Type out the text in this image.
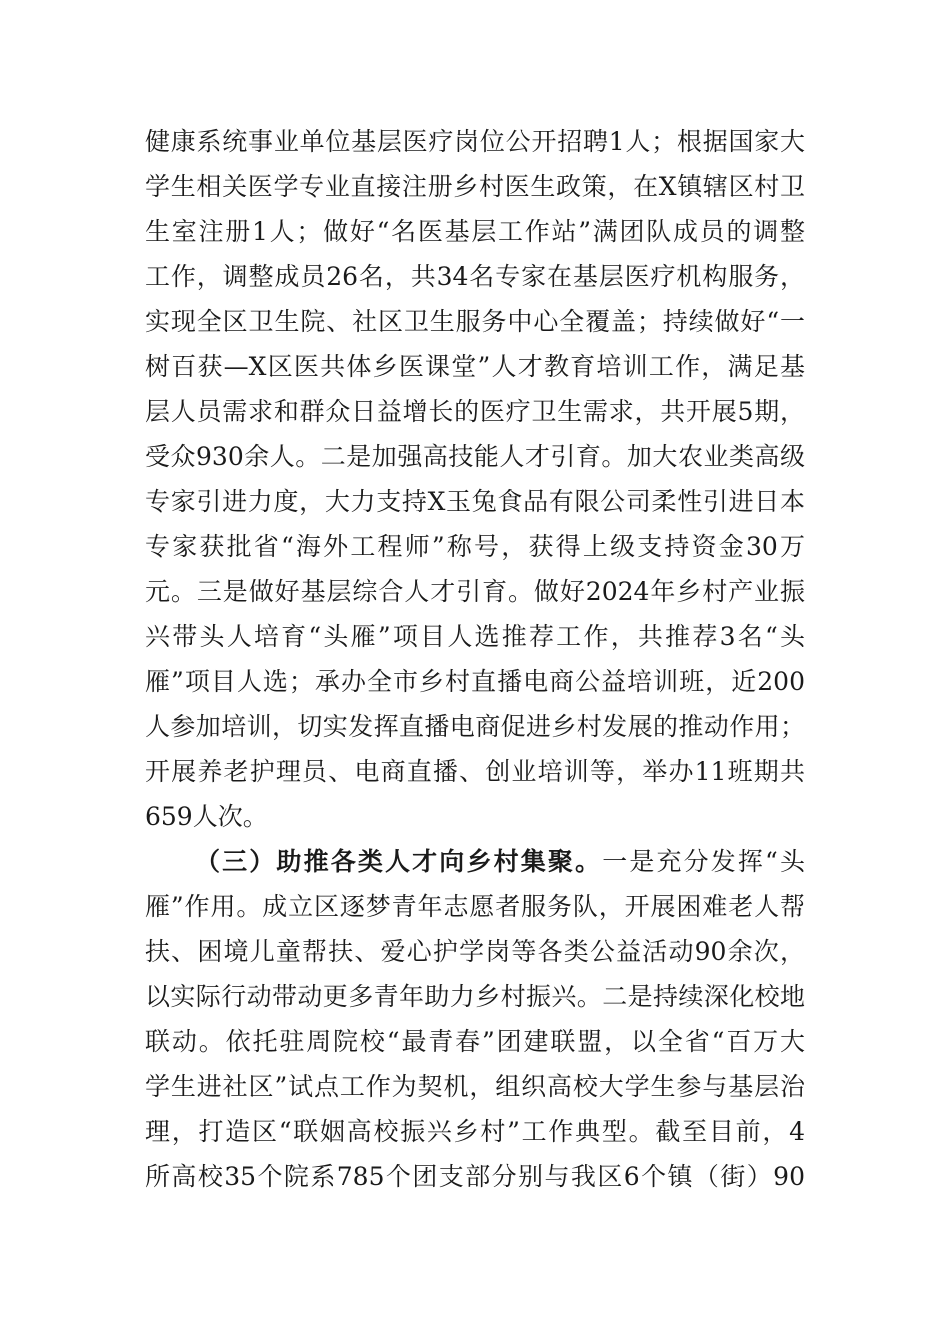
健康系统事业单位基层医疗岗位公开招聘1人；根据国家大
学生相关医学专业直接注册乡村医生政策，在X镇辖区村卫
生室注册1人；做好“名医基层工作站”满团队成员的调整
工作，调整成员26名，共34名专家在基层医疗机构服务，
实现全区卫生院、社区卫生服务中心全覆盖；持续做好“一
树百获—X区医共体乡医课堂”人才教育培训工作，满足基
层人员需求和群众日益增长的医疗卫生需求，共开展5期，
受众930余人。二是加强高技能人才引育。加大农业类高级
专家引进力度，大力支持X玉兔食品有限公司柔性引进日本
专家获批省“海外工程师”称号，获得上级支持资金30万
元。三是做好基层综合人才引育。做好2024年乡村产业振
兴带头人培育“头雁”项目人选推荐工作，共推荐3名“头
雁”项目人选；承办全市乡村直播电商公益培训班，近200
人参加培训，切实发挥直播电商促进乡村发展的推动作用；
开展养老护理员、电商直播、创业培训等，举办11班期共
659人次。
（三）助推各类人才向乡村集聚。一是充分发挥“头
雁”作用。成立区逐梦青年志愿者服务队，开展困难老人帮
扶、困境儿童帮扶、爱心护学岗等各类公益活动90余次，
以实际行动带动更多青年助力乡村振兴。二是持续深化校地
联动。依托驻周院校“最青春”团建联盟，以全省“百万大
学生进社区”试点工作为契机，组织高校大学生参与基层治
理，打造区“联姻高校振兴乡村”工作典型。截至目前，4
所高校35个院系785个团支部分别与我区6个镇（街）90
